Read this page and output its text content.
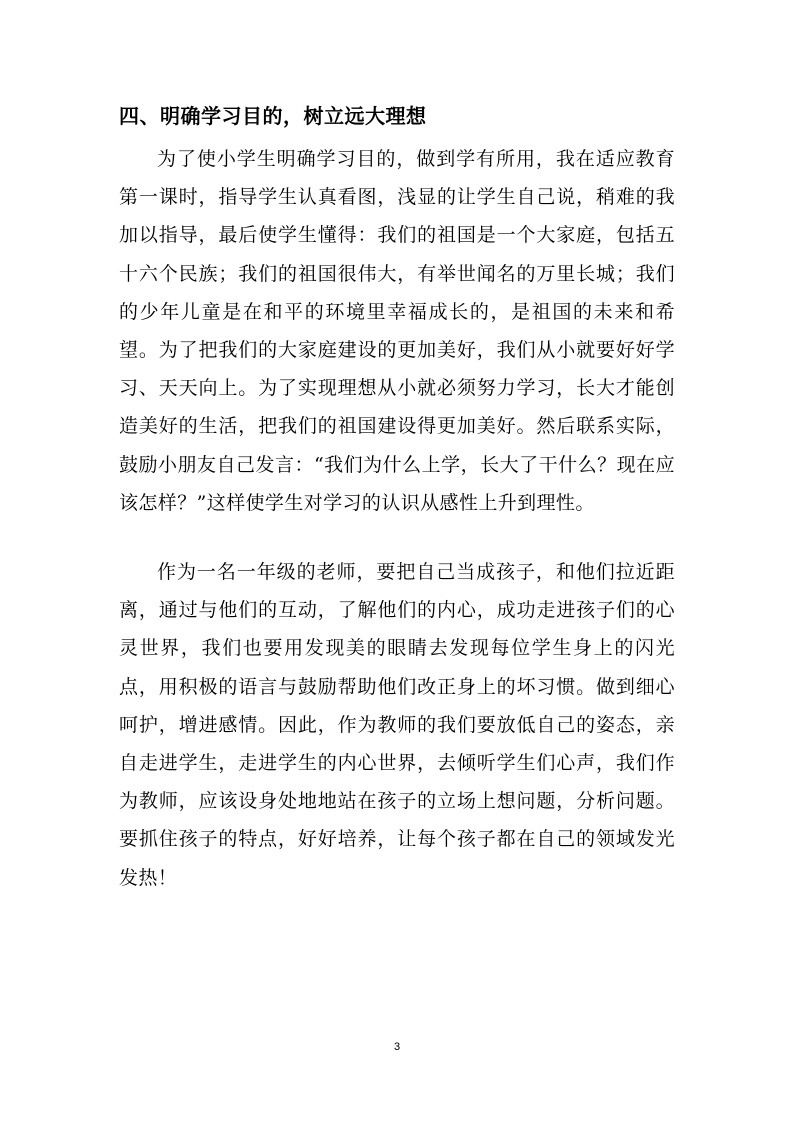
四、明确学习目的，树立远大理想

为了使小学生明确学习目的，做到学有所用，我在适应教育第一课时，指导学生认真看图，浅显的让学生自己说，稍难的我加以指导，最后使学生懂得：我们的祖国是一个大家庭，包括五十六个民族；我们的祖国很伟大，有举世闻名的万里长城；我们的少年儿童是在和平的环境里幸福成长的，是祖国的未来和希望。为了把我们的大家庭建设的更加美好，我们从小就要好好学习、天天向上。为了实现理想从小就必须努力学习，长大才能创造美好的生活，把我们的祖国建设得更加美好。然后联系实际，鼓励小朋友自己发言：“我们为什么上学，长大了干什么？现在应该怎样？”这样使学生对学习的认识从感性上升到理性。

作为一名一年级的老师，要把自己当成孩子，和他们拉近距离，通过与他们的互动，了解他们的内心，成功走进孩子们的心灵世界，我们也要用发现美的眼睛去发现每位学生身上的闪光点，用积极的语言与鼓励帮助他们改正身上的坏习惯。做到细心呵护，增进感情。因此，作为教师的我们要放低自己的姿态，亲自走进学生，走进学生的内心世界，去倾听学生们心声，我们作为教师，应该设身处地地站在孩子的立场上想问题，分析问题。要抓住孩子的特点，好好培养，让每个孩子都在自己的领域发光发热！

3
